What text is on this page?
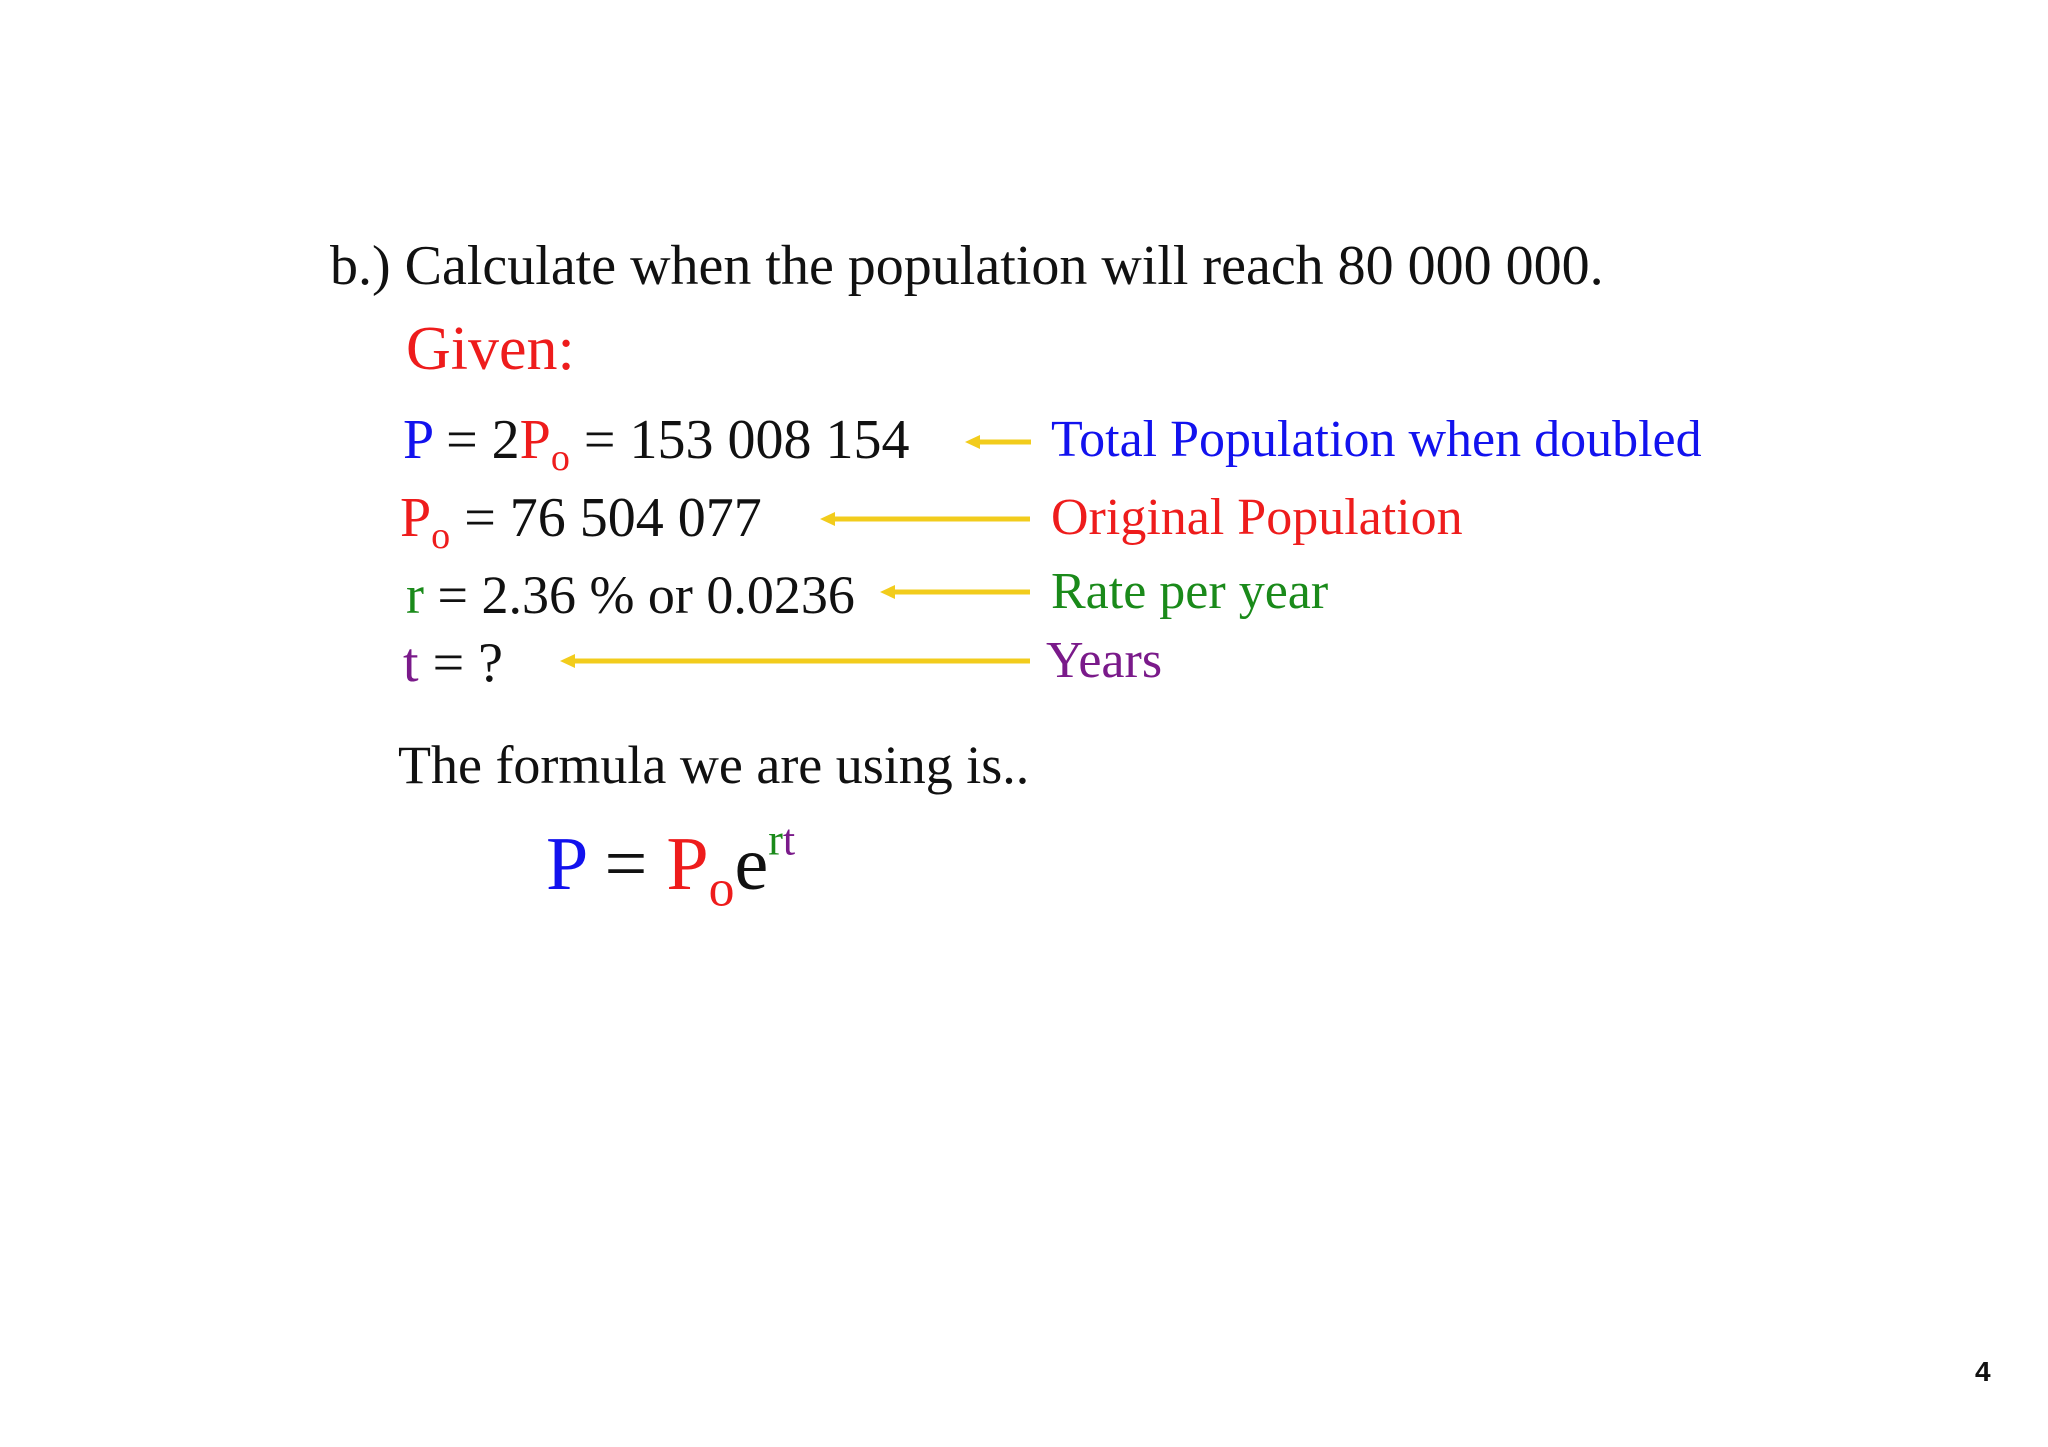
b.) Calculate when the population will reach 80 000 000.
Given:
$P = 2P_o = 153$ 008 154	Total Population when doubled
$P_o = 76$ 504 077	Original Population
r = 2.36 % or 0.0236	Rate per year
t = ?	Years
The formula we are using is..
$P = P_oe^{rt}$
4
